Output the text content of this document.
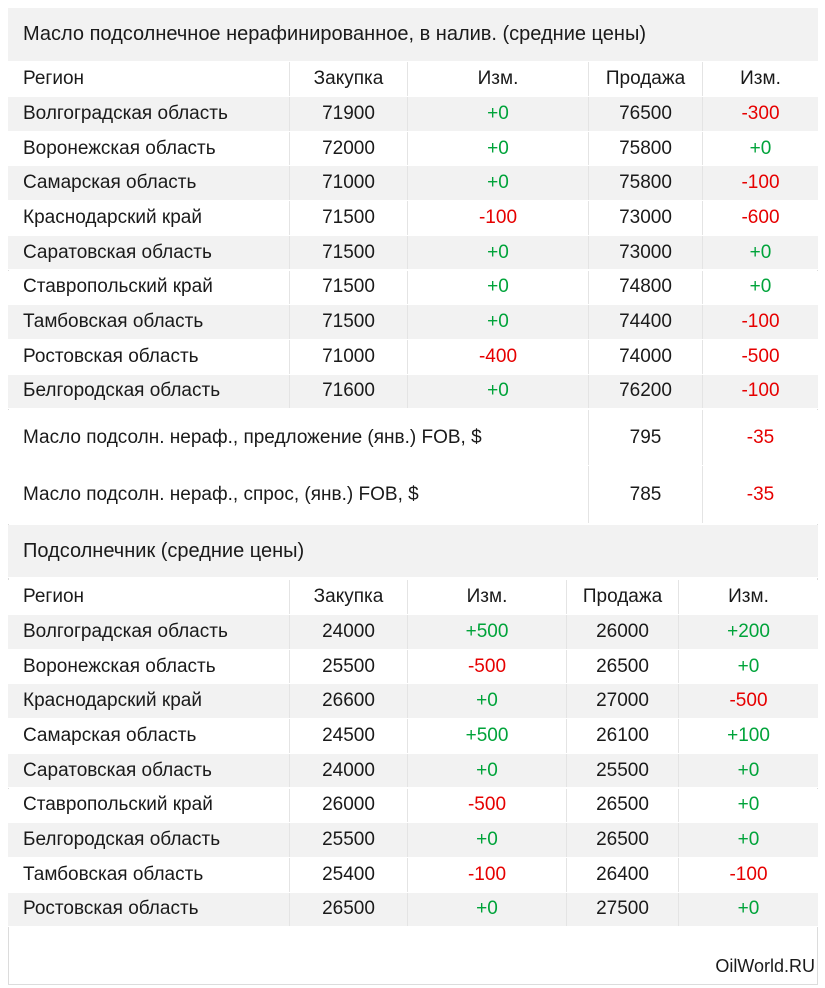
Масло подсолнечное нерафинированное, в налив. (средние цены)
Регион	Закупка	Изм.	Продажа	Изм.
Волгоградская область	71900	+0	76500	-300
Воронежская область	72000	+0	75800	+0
Самарская область	71000	+0	75800	-100
Краснодарский край	71500	-100	73000	-600
Саратовская область	71500	+0	73000	+0
Ставропольский край	71500	+0	74800	+0
Тамбовская область	71500	+0	74400	-100
Ростовская область	71000	-400	74000	-500
Белгородская область	71600	+0	76200	-100
Масло подсолн. нераф., предложение (янв.) FOB, $	795	-35
Масло подсолн. нераф., спрос, (янв.) FOB, $	785	-35
Подсолнечник (средние цены)
Регион	Закупка	Изм.	Продажа	Изм.
Волгоградская область	24000	+500	26000	+200
Воронежская область	25500	-500	26500	+0
Краснодарский край	26600	+0	27000	-500
Самарская область	24500	+500	26100	+100
Саратовская область	24000	+0	25500	+0
Ставропольский край	26000	-500	26500	+0
Белгородская область	25500	+0	26500	+0
Тамбовская область	25400	-100	26400	-100
Ростовская область	26500	+0	27500	+0
OilWorld.RU
